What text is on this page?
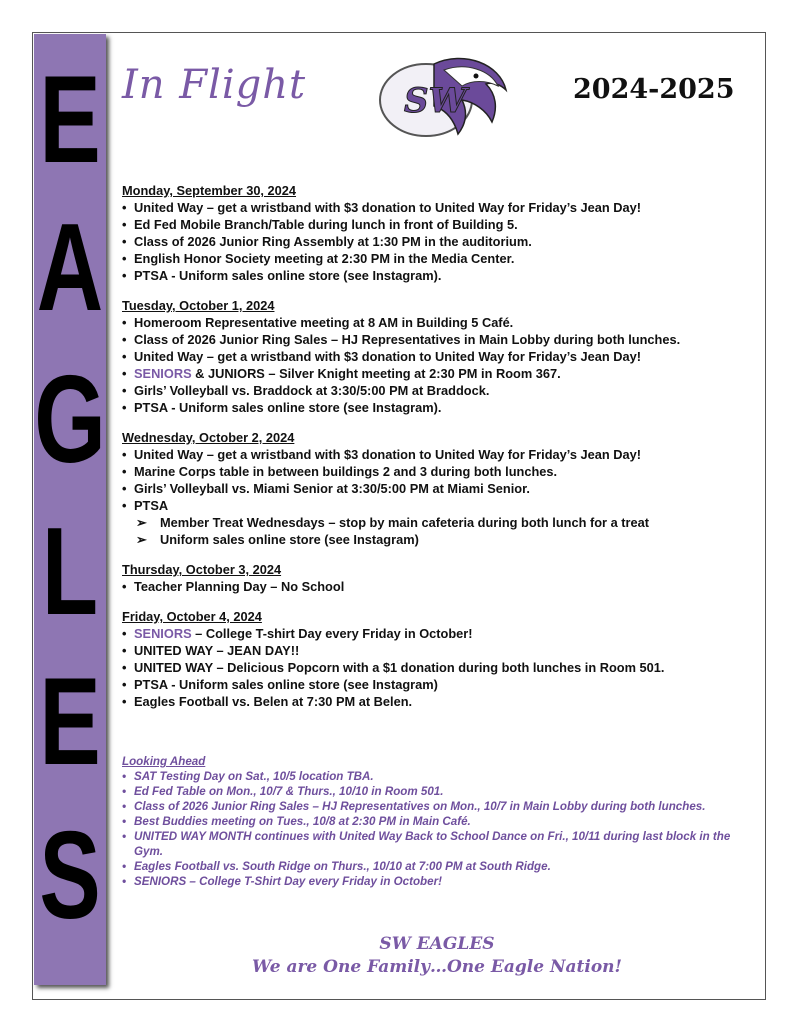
E
A
G
L
E
S
In Flight	SW	2024-2025
Monday, September 30, 2024
• United Way – get a wristband with $3 donation to United Way for Friday’s Jean Day!
• Ed Fed Mobile Branch/Table during lunch in front of Building 5.
• Class of 2026 Junior Ring Assembly at 1:30 PM in the auditorium.
• English Honor Society meeting at 2:30 PM in the Media Center.
• PTSA - Uniform sales online store (see Instagram).
Tuesday, October 1, 2024
• Homeroom Representative meeting at 8 AM in Building 5 Café.
• Class of 2026 Junior Ring Sales – HJ Representatives in Main Lobby during both lunches.
• United Way – get a wristband with $3 donation to United Way for Friday’s Jean Day!
• SENIORS & JUNIORS – Silver Knight meeting at 2:30 PM in Room 367.
• Girls’ Volleyball vs. Braddock at 3:30/5:00 PM at Braddock.
• PTSA - Uniform sales online store (see Instagram).
Wednesday, October 2, 2024
• United Way – get a wristband with $3 donation to United Way for Friday’s Jean Day!
• Marine Corps table in between buildings 2 and 3 during both lunches.
• Girls’ Volleyball vs. Miami Senior at 3:30/5:00 PM at Miami Senior.
• PTSA
➢ Member Treat Wednesdays – stop by main cafeteria during both lunch for a treat
➢ Uniform sales online store (see Instagram)
Thursday, October 3, 2024
• Teacher Planning Day – No School
Friday, October 4, 2024
• SENIORS – College T-shirt Day every Friday in October!
• UNITED WAY – JEAN DAY!!
• UNITED WAY – Delicious Popcorn with a $1 donation during both lunches in Room 501.
• PTSA - Uniform sales online store (see Instagram)
• Eagles Football vs. Belen at 7:30 PM at Belen.
Looking Ahead
• SAT Testing Day on Sat., 10/5 location TBA.
• Ed Fed Table on Mon., 10/7 & Thurs., 10/10 in Room 501.
• Class of 2026 Junior Ring Sales – HJ Representatives on Mon., 10/7 in Main Lobby during both lunches.
• Best Buddies meeting on Tues., 10/8 at 2:30 PM in Main Café.
• UNITED WAY MONTH continues with United Way Back to School Dance on Fri., 10/11 during last block in the Gym.
• Eagles Football vs. South Ridge on Thurs., 10/10 at 7:00 PM at South Ridge.
• SENIORS – College T-Shirt Day every Friday in October!
SW EAGLES
We are One Family…One Eagle Nation!
